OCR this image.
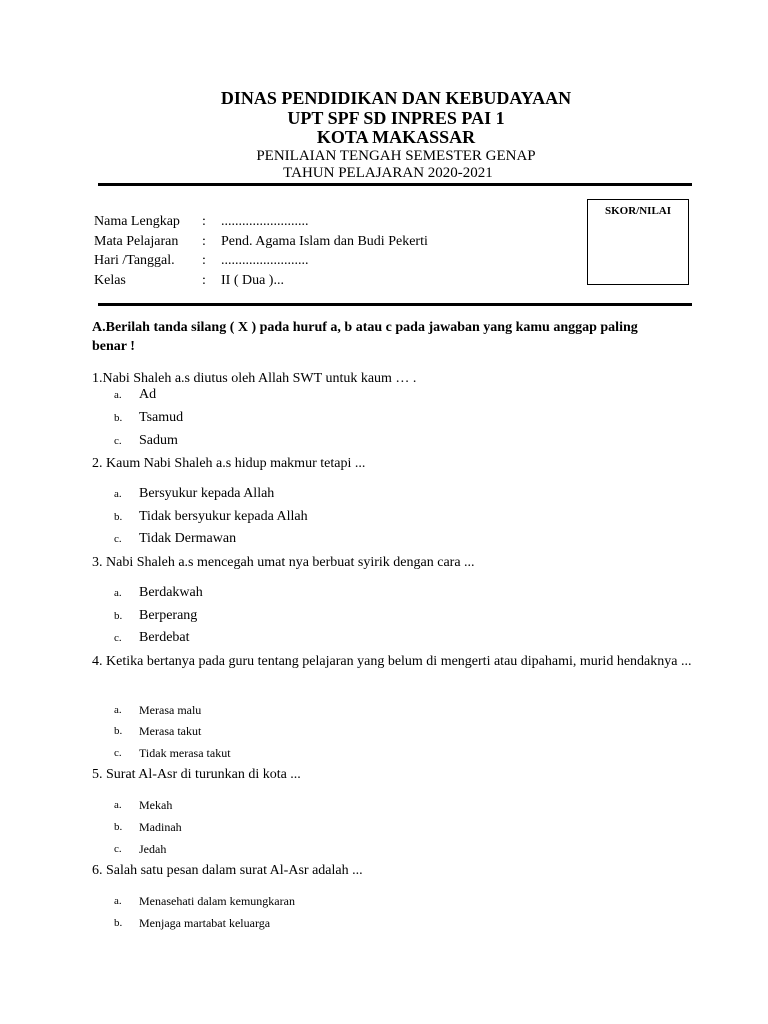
DINAS PENDIDIKAN DAN KEBUDAYAAN
UPT SPF SD INPRES PAI 1
KOTA MAKASSAR
PENILAIAN TENGAH SEMESTER GENAP
TAHUN PELAJARAN 2020-2021
Nama Lengkap : .........................
Mata Pelajaran : Pend. Agama Islam dan Budi Pekerti
Hari /Tanggal. : .........................
Kelas	: II ( Dua )...
SKOR/NILAI
A.Berilah tanda silang ( X ) pada huruf a, b atau c pada jawaban yang kamu anggap paling benar !
1.Nabi Shaleh a.s diutus oleh Allah SWT untuk kaum … .
a. Ad
b. Tsamud
c. Sadum
2. Kaum Nabi Shaleh a.s hidup makmur tetapi ...
a. Bersyukur kepada Allah
b. Tidak bersyukur kepada Allah
c. Tidak Dermawan
3. Nabi Shaleh a.s mencegah umat nya berbuat syirik dengan cara ...
a. Berdakwah
b. Berperang
c. Berdebat
4. Ketika bertanya pada guru tentang pelajaran yang belum di mengerti atau dipahami, murid hendaknya ...
a. Merasa malu
b. Merasa takut
c. Tidak merasa takut
5. Surat Al-Asr di turunkan di kota ...
a. Mekah
b. Madinah
c. Jedah
6. Salah satu pesan dalam surat Al-Asr adalah ...
a. Menasehati dalam kemungkaran
b. Menjaga martabat keluarga
